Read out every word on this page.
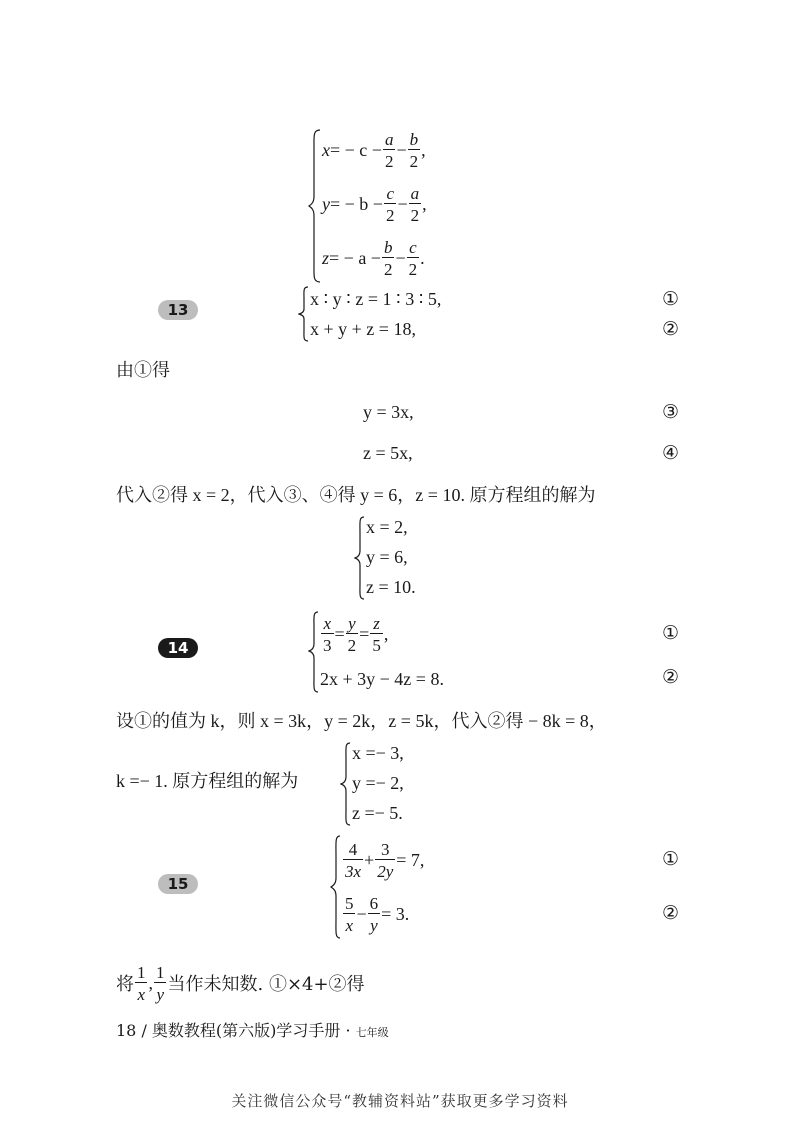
x = − $c - \frac{a}{2} - \frac{b}{2}$ ,
y = − $b - \frac{c}{2} - \frac{a}{2}$ ,
z = − $a - \frac{b}{2} - \frac{c}{2}$ .
13
x ∶ y ∶ z = 1 ∶ 3 ∶ 5,
x + y + z = 18,
①
②
由①得
y = 3x,	③
z = 5x,	④
代入②得 x = 2，代入③、④得 y = 6，z = 10. 原方程组的解为
x = 2,
y = 6,
z = 10.
14	$\frac{x}{3} = \frac{y}{2} = \frac{z}{5}$ ,
2x + 3y − 4z = 8.
①
②
设①的值为 k，则 x = 3k，y = 2k，z = 5k，代入②得 − 8k = 8，
k =− 1. 原方程组的解为
x =− 3,
y =− 2,
z =− 5.
15
$\frac{4}{3x} + \frac{3}{2y} = 7$,
$\frac{5}{x} - \frac{6}{y} = 3$.
①
②
将 $\frac{1}{x}$ , $\frac{1}{y}$ 当作未知数. ①×4+②得
18 / 奥数教程(第六版)学习手册 · 七年级
关注微信公众号“教辅资料站”获取更多学习资料
